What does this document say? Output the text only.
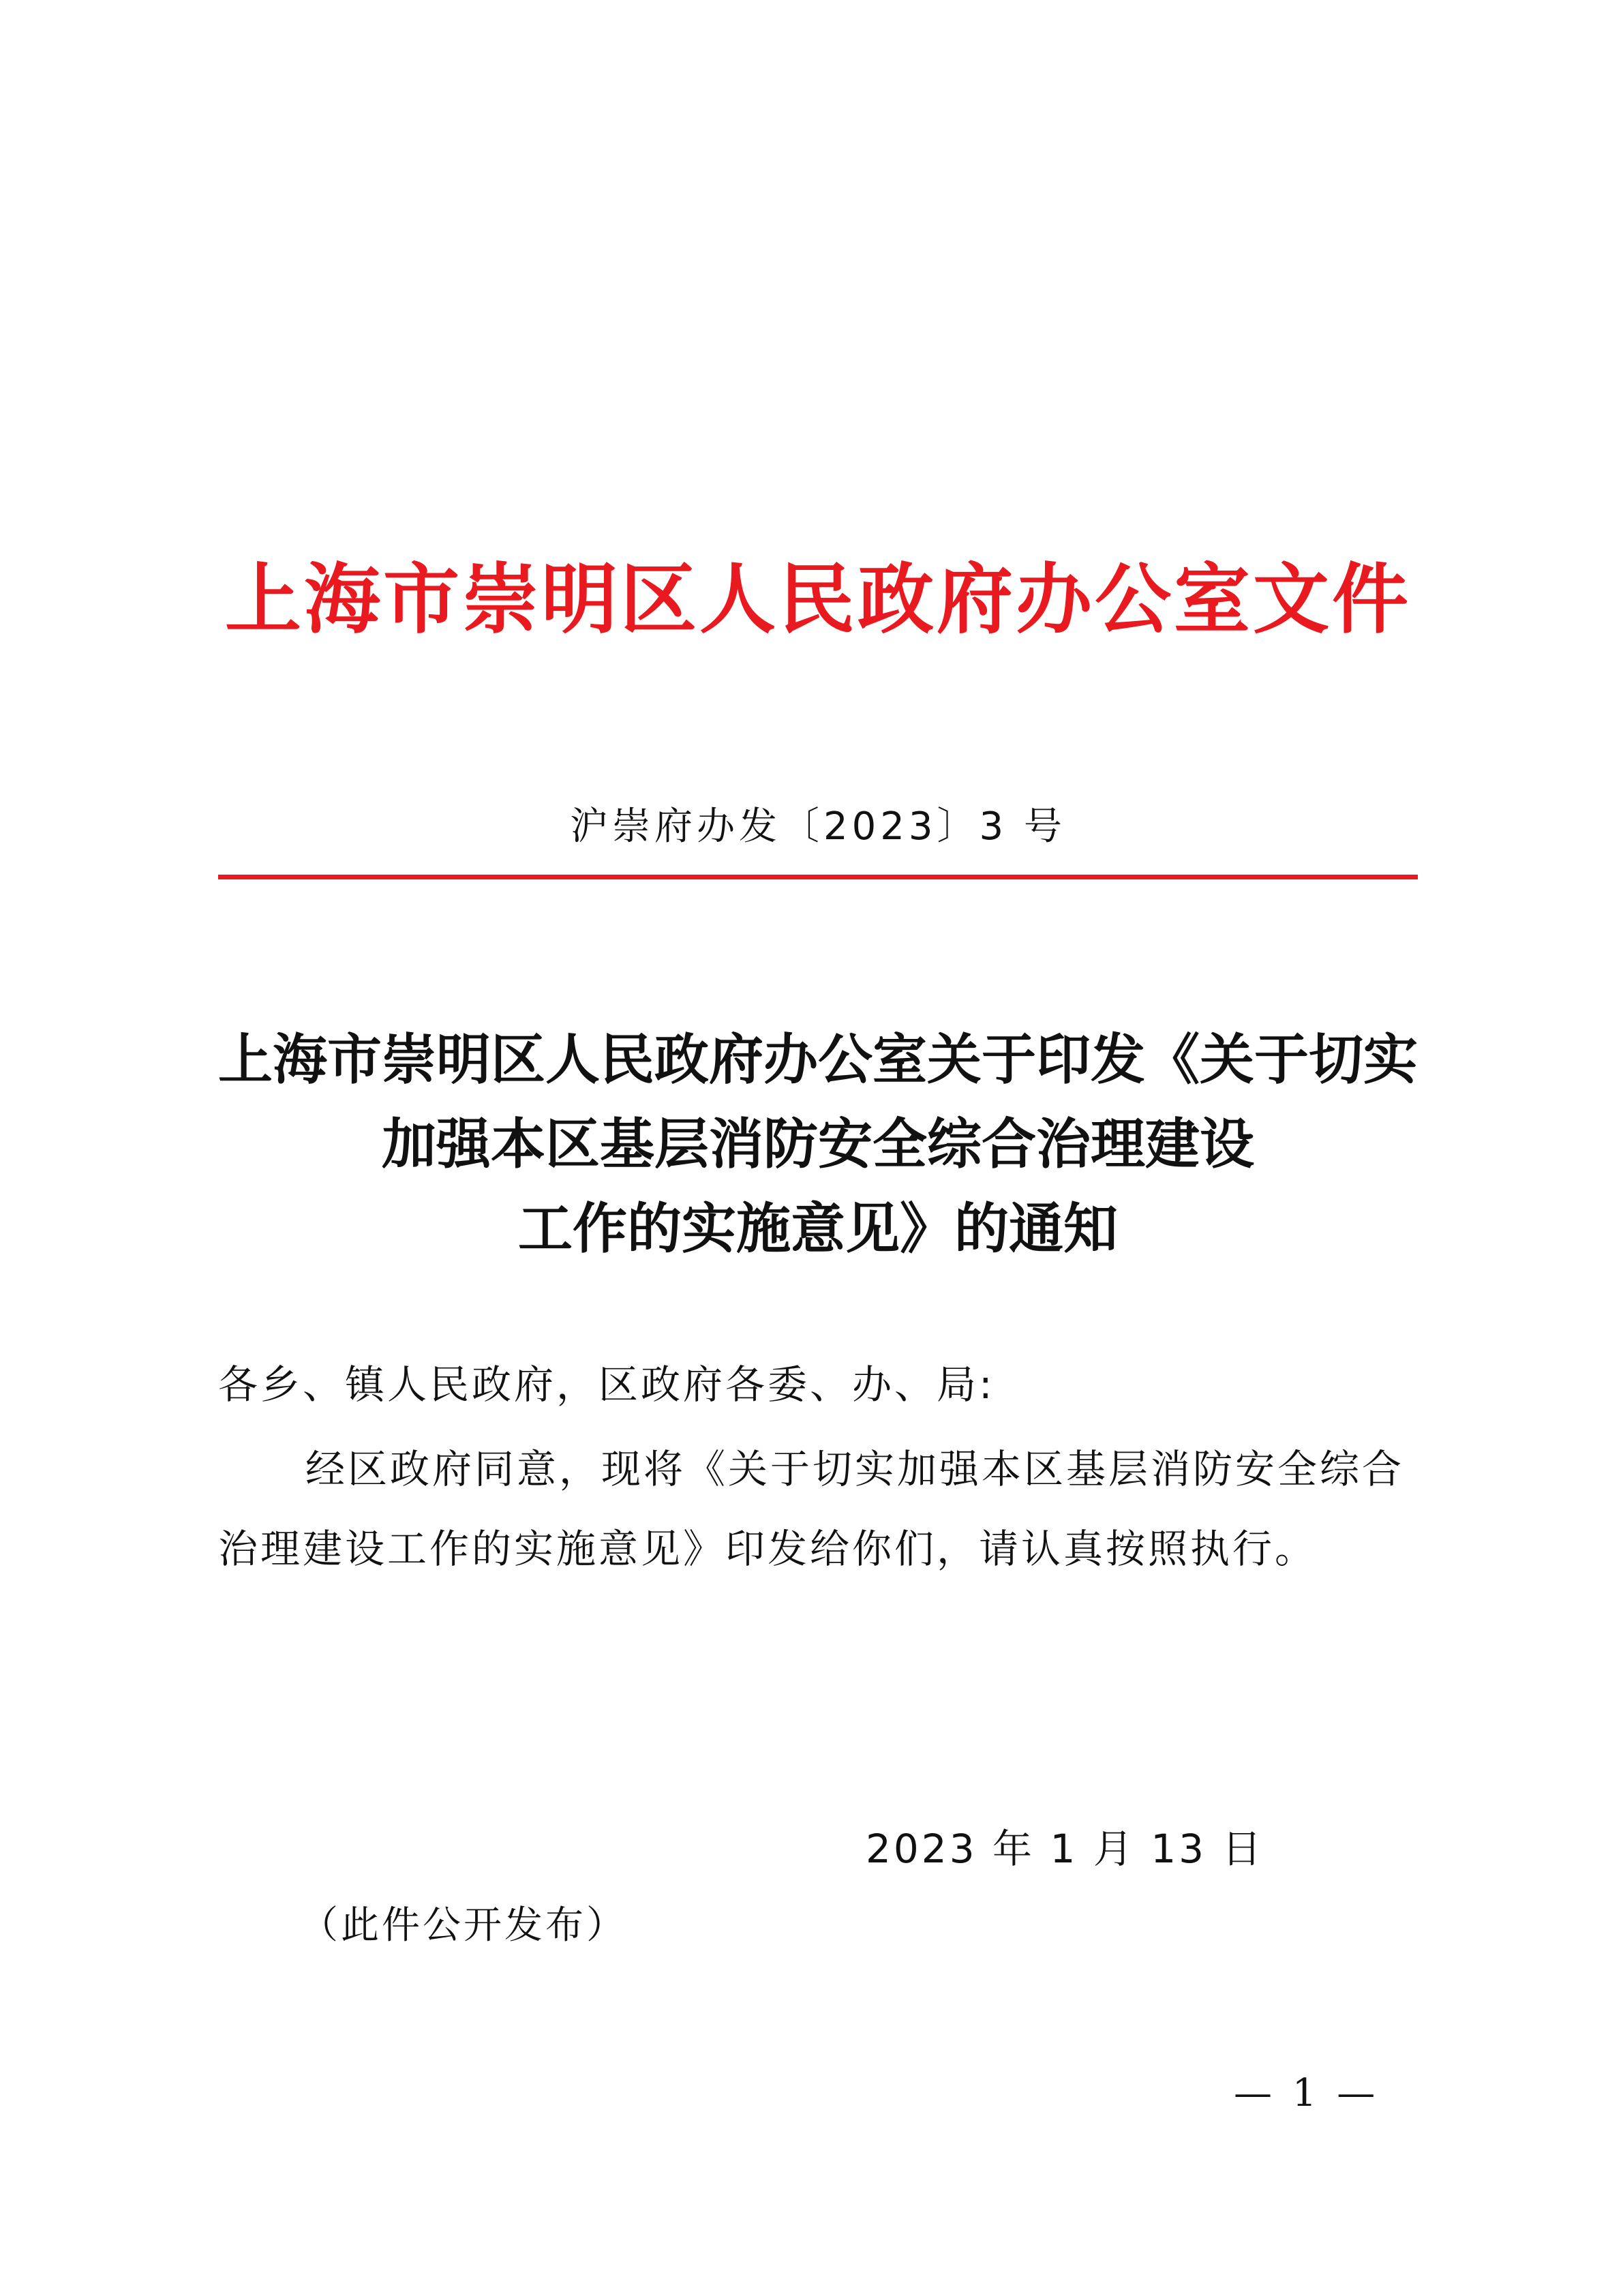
上海市崇明区人民政府办公室文件
沪崇府办发〔2023〕3 号
上海市崇明区人民政府办公室关于印发《关于切实
加强本区基层消防安全综合治理建设
工作的实施意见》的通知
各乡、镇人民政府，区政府各委、办、局:
经区政府同意，现将《关于切实加强本区基层消防安全综合
治理建设工作的实施意见》印发给你们，请认真按照执行。
2023 年 1 月 13 日
（此件公开发布）
— 1 —
